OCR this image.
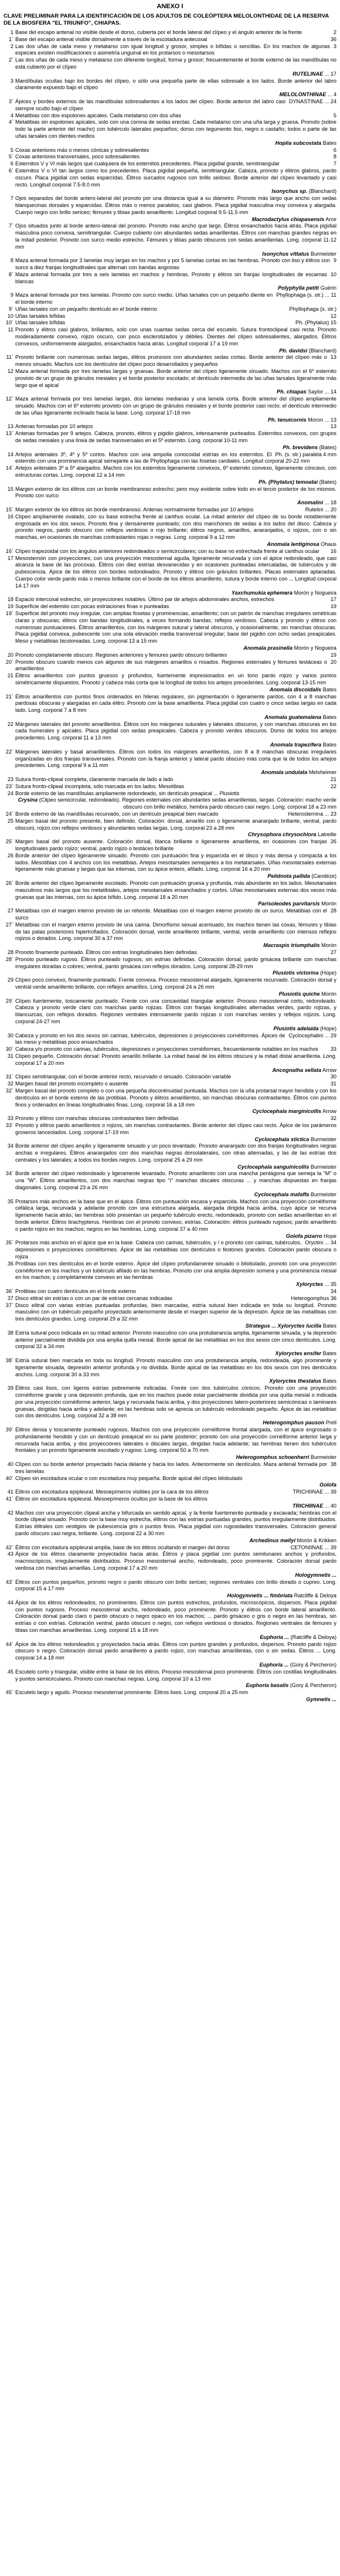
ANEXO I
CLAVE PRELIMINAR PARA LA IDENTIFICACIÓN DE LOS ADULTOS DE COLEÓPTERA MELOLONTHIDAE DE LA RESERVA DE LA BIOSFERA "EL TRIUNFO", CHIAPAS.
1	2
Base del escapo antenal no visible desde el dorso, cubierta por el borde lateral del clípeo y el ángulo anterior de la frente
1´	36
Base del escapo antenal visible dorsalmente a través de la escotadura antecoxal
2	3
Las dos uñas de cada meso y metatarso con igual longitud y grosor, simples o bífidas o sencillas. En los machos de algunas especies existen modificaciones o asimetría unguinal en los protarsos o mesotarsos
2´ Las dos uñas de cada meso y metatarso con diferente longitud, forma y grosor; frecuentemente el borde externo de las mandíbulas no está cubierto por el clípeo
RUTELINAE ... 17
3 Mandíbulas ocultas bajo los bordes del clípeo, o sólo una pequeña parte de ellas sobresale a los lados. Borde anterior del labro claramente expuesto bajo el clípeo
MELOLONTHINAE ... 4
3´	DYNASTINAE ... 24
Ápices y bordes externos de las mandíbulas sobresalientes a los lados del clípeo. Borde anterior del labro casi siempre oculto bajo el clípeo
4	5
Metatibias con dos espolones apicales. Cada metatarso con dos uñas
4´ Metatibias sin espolones apicales, solo con una corona de sedas erectas. Cada metatarso con una uña larga y gruesa. Pronoto (sobre todo la parte anterior del macho) con tubérculo laterales pequeños; dorso con tegumento liso, negro o castaño; todos o parte de las uñas tarsales con dientes medios
Hoplia subcostata Bates
5	6
Coxas anteriores más o menos cónicas y sobresalientes
5´	8
Coxas anteriores transversales, poco sobresalientes
6	7
Esternitos V y VI más largos que cualquiera de los esternitos precedentes. Placa pigidial grande, semitriangular
6´ Esternitos V o VI tan largos como los precedentes. Placa pigidial pequeña, semitriangular. Cabeza, pronoto y élitros glabros, pardo oscuro. Placa pigidial con sedas esparcidas. Élitros surcados rugosos con brillo sedoso. Borde anterior del clípeo levantado y casi recto. Longitud corporal 7.5-8.0 mm
Isonychus sp. (Blanchard)
7 Ojos separados del borde antero-lateral del pronoto por una distancia igual a su diámetro. Pronoto más largo que ancho con sedas blanquecinas dorsales y esparcidas. Élitros más o menos paralelos, casi glabros. Placa pigidial masculina muy convexa y alargada. Cuerpo negro con brillo sericeo; fémures y tibias pardo amarillento. Longitud corporal 9.5-11.5 mm
Macrodactylus chiapasensis Arce
7´ Ojos situados junto al borde antero-lateral del pronoto. Pronoto más ancho que largo. Élitros ensanchados hacia atrás. Placa pigidial masculina poco convexa, semitriangular. Cuerpo cubierto con abundantes sedas amarillentas. Élitros con manchas grandes negras en la mitad posterior. Pronoto con surco medio estrecho. Fémures y tibias pardo obscuros con sedas amarillentas. Long. corporal 11-12 mm
Isonychus vittatus Burmeister
8	9
Maza antenal formada por 3 lamelas muy largas en los machos y por 5 lamelas cortas en las hembras. Pronoto con liso y élitros con surco a diez franjas longitudinales que alternan con bandas angostas
8´	10
Maza antenal formada por tres a seis lamelas en machos y hembras. Pronoto y élitros sin franjas longitudinales de escamas blancas
Polyphylla petiti Guérin
9	Phyllophaga (s. str.) ... 11
Maza antenal formada por tres lamelas. Pronoto con surco medio. Uñas tarsales con un pequeño diente en el borde interno
9´	Phyllophaga (s. str.)
Uñas tarsales con un pequeño dentículo en el borde interno
10	12
Uñas tarsales bífidas
10´	Ph. (Phytalus) 15
Uñas tarsales bífidas
11 Pronoto y élitros casi glabros, brillantes, solo con unas cuantas sedas cerca del escutelo. Sutura frontoclipeal casi recta. Pronoto moderadamente convexo, rojizo oscuro, con poco esclerotizados y débiles. Dientes del clípeo sobresalientes, alargados. Élitros convexos, uniformemente alargados, ensanchados hacia atrás. Longitud corporal 17 a 19 mm
Ph. davidsi (Blanchard)
11´	13
Pronoto brillante con numerosas sedas largas, élitros pruinosos con abundantes sedas cortas. Borde anterior del clípeo más o menos sinuado. Machos con los dentículos del clípeo poco desarrollados y pequeños
12 Maza antenal formada por tres lamelas largas y gruesas. Borde anterior del clípeo ligeramente sinuado. Machos con el 6º esternito provisto de un grupo de gránulos mesiales y el borde posterior escotado; el dentículo intermedio de las uñas tarsales ligeramente más largo que el apical
Ph. chiapas Saylor ... 14
12´ Maza antenal formada por tres lamelas largas, dos lamelas medianas y una lamela corta. Borde anterior del clípeo ampliamente sinuado. Machos con el 6º esternito provisto con un grupo de gránulos mesiales y el borde posterior casi recto; el dentículo intermedio de las uñas ligeramente inclinado hacia la base. Long. corporal 17-18 mm
Ph. tenuicornis Moron ... 13
13	13
Antenas formadas por 10 artejos
13´ Antenas formadas por 9 artejos. Cabeza, pronoto, élitros y pigidio glabros, intensamente punteados. Esternitos convexos, con grupos de sedas mesiales y una línea de sedas transversales en el 5º esternito. Long. corporal 10-11 mm
Ph. brevidens (Bates)
14	Ph. (s. str.) paralela 4 mm
Artejos antenales 3º, 4º y 5º cortos. Machos con una ampolla conocoidal estrías en los esternitos. El esternito con una prominencia apical semejante a las de Phyllophaga con las fosetas cardiales. Longitud corporal 20-22 mm
14´ Artejos antenales 3º a 5º alargados. Machos con los esternitos ligeramente convexos, 6º esternito convexo, ligeramente cóncavo, con estructuras cortas. Long. corporal 12 a 14 mm
Ph. (Phytalus) temoatai (Bates)
15 Margen externo de los élitros con un borde membranoso estrecho; pero muy evidente sobre todo en el tercio posterior de los mismos. Pronoto con surco
Anomalini ... 18
15´	Rutelini ... 20
Margen exterior de los élitros sin borde membranoso. Antenas normalmente formadas por 10 artejos
16 Clípeo ampliamente ovalado, con su base estrecha frente al canthus ocular. La mitad anterior del clípeo de su borde notablemente engrosada en los dos sexos. Pronoto fina y densamente punteado; con dos manchones de sedas a los lados del disco. Cabeza y pronoto negros, pardo obscuro con reflejos verdosos o rojo brillante; élitros negros, amarillos, anaranjados, o rojizos, con o sin manchas, en ocasiones de manchas contrastantes rojas o negras. Long. corporal 9 a 12 mm
Anomala lentiginosa Ohaus
16´	16
Clípeo trapezoidal con los ángulos anteriores redondeados o semicirculares; con su base no estrechada frente al canthus ocular
17 Mesosternón con proyecciones; con una proyección mesosternal aguda, ligeramente recurvada y con el ápice redondeado, que casi alcanza la base de las procoxas. Élitros con diez estrías desvanecidas y en ocasiones punteadas intercaladas, de tubérculos y de pubescencia. Ápice de los élitros con bordes redondeados. Pronoto y élitros con gránulos brillantes. Placas esternales aplanadas. Cuerpo color verde pardo más o menos brillante con el borde de los élitros amarillento, sutura y borde interno con ... Longitud corporal 14-17 mm
Yaxchumukia ephemera Morón y Nogueira
18	17
Espacio intercoxal estrecho, sin proyecciones notables. Último par de artejos abdominales anchos, estrechos
19	19
Superficie del estemito con pocas estriaciones finas o punteadas
19´ Superficie del pronoto muy irregular, con amplias fosetas y prominencias, amarillento; con un patrón de manchas irregulares simétricas claras y obscuras; élitros con bandas longitudinales, a veces formando bandas; reflejos verdosos. Cabeza y pronoto y élitros con numerosas puntuaciones. Élitros amarillentos, con los márgenes sutural y lateral obscuros, y ocasionalmente, sin manchas obscuras. Placa pigidial convexa, pubescente con una sola elevación media transversal irregular; base del pigidio con ocho sedas preapicales. Meso y metatibias bicoloreadas. Long. corporal 13 a 15 mm
Anomala prasinella Morón y Nogueira
20	19
Pronoto completamente obscuro. Regiones anteriores y femures pardo obscuro brillantes
20´	20
Pronoto obscuro cuando menos con algunos de sus márgenes amarillos o rosados. Regiones esternales y fémures testáceas o amarillentos
21 Élitros amarillentos con puntos gruesos y profundos, fuertemente impresionados en un tono pardo rojizo y varios puntos simétricamente dispuestos. Pronoto y cabeza más corta que la longitud de todos los artejos precedentes. Long. corporal 13-15 mm
Anomala discoidalis Bates
21´ Élitros amarillentos con puntos finos ordenados en hileras regulares, sin pigmentación o ligeramente pardos, con 4 a 8 manchas pardosas obscuras y alargadas en cada élitro. Pronoto con la base amarillenta. Placa pigidial con cuatro o cinco sedas largas en cada lado. Long. corporal 7 a 8 mm
Anomala guatemalena Bates
22 Márgenes laterales del pronoto amarillentos. Élitros con los márgenes suturales y laterales obscuros, y con manchas obscuras en los cada humerales y apicales. Placa pigidial con sedas preapicales. Cabeza y pronoto verdes obscuros. Dorso de todos los artejos precedentes. Long. corporal 11 a 13 mm
Anomala trapezifera Bates
22´ Márgenes laterales y basal amarillentos. Élitros con todos los márgenes amarillentos, con 8 a 8 manchas obscuras irregulares organizadas en dos franjas transversales. Pronoto con la franja anterior y lateral pardo obscuro más corta que la de todos los artejos precedentes. Long. corporal 9 a 11 mm
Anomala undulata Melsheimer
23	21
Sutura fronto-clipeal completa, claramente marcada de lado a lado
23´	22
Sutura fronto-clipeal incompleta, sólo marcada en los lados. Mesotibias
24 Borde externo de las mandíbulas ampliamente redondeado, sin dentículo preapical ... Plusiotis
Crysina (Clipeo semicircular, redondeado). Regiones esternales con abundantes sedas amarillentas, largas. Coloración: macho verde obscuro con brillo metálico, hembra pardo obscuro casi negro. Long. corporal 18 a 23 mm
24´	Heterosternina ... 23
Borde externo de las mandíbulas recurvado, con un dentículo preapical bien marcado
25 Margen basal del pronoto presente, bien definido. Coloración: dorsal, amarillo con o ligeramente anaranjado brillante, ventral, pardo obscuro, rojizo con reflejos verdosos y abundantes sedas largas. Long. corporal 23 a 28 mm
Chrysophora chrysochlora Latreille
25´	26
Margen basal del pronoto ausente. Coloración dorsal, blanca brillante o ligeramente amarillenta, en ocasiones con franjas longitudinales pardo rojizo; ventral, pardo rojizo o testáceo brillante
26 Borde anterior del clípeo ligeramente sinuado. Pronoto con puntuación fina y esparcida en el disco y más densa y compacta a los lados. Mesotibias con 4 anchos con los metatibias. Artejos mesotarsales semejantes a los metatarsales. Uñas mesotarsales externas ligeramente más gruesas y largas que las internas, con su ápice entero, afilado. Long. corporal 16 a 20 mm
Pelidnota pallida (Candéze)
26´ Borde anterior del clípeo ligeramente escotado. Pronoto con puntuación gruesa y profunda, más abundante en los lados. Mesotarsales masculinos más largos que los metatibiales, artejos mesotarsales ensanchados y cortos. Uñas mesotarsales externas dos veces más gruesas que las internas, con su ápice bífido. Long. corporal 18 a 20 mm
Parisoleodes parvitarsis Morón
27	28
Metatibias con el margen interno provisto de un reborde. Metatibias con el margen interno provisto de un surco. Metatibias con el surco
27´ Metatibias con el margen interno provisto de una carina. Dimorfismo sexual acentuado, los machos tienen las coxas, fémures y tibias de las patas posteriores hipertrofiados. Coloración dorsal, verde amarillento brillante, ventral, verde amarillento con intensos reflejos rojizos o dorados. Long. corporal 30 a 37 mm
Macraspis triumphalis Morón
28	27
Pronoto finamente punteado. Élitros con estrías longitudinales bien definidas
28´ Pronoto punteado rugoso. Élitros punteado rugosos, sin estrías definidas. Coloración dorsal, pardo grisácea brillante con manchas irregulares doradas o cobres; ventral, pardo grisácea con reflejos dorados. Long. corporal 28-29 mm
Plusiotis victorina (Hope)
29 Clípeo poco convexo, finamente punteado. Frente convexa. Proceso mesosternal alargado, ligeramente recurvado. Coloración dorsal y ventral verde amarillento brillante, con reflejos amarillos. Long. corporal 24 a 26 mm
Plusiotis quiche Morón
29´ Clípeo fuertemente, toscamente punteado. Frente con una concavidad triangular anterior. Proceso mesosternal corto, redondeado. Cabeza y pronoto verde claro con manchas pardo rojizas. Élitros con franjas longitudinales alternadas verdes, pardo rojizas, y blancuzcas, con reflejos dorados. Regiones ventrales intensamente pardo rojizas o con manchas verdes y reflejos rojizos. Long. corporal 24-27 mm
Plusiotis adelaida (Hope)
30	Cyclocephalini ... 29
Cabeza y pronoto en los dos sexos sin carinas, tubérculos, depresiones o proyecciones cornéiformes. Ápices de las meso y metatibias poco ensanchados
30´	33
Cabeza y/o pronoto con carinas, tubérculos, depresiones o proyecciones cornéiformes, frecuentemente notables en los machos
31 Clípeo pequeño. Coloración dorsal: Pronoto amarillo brillante. La mitad basal de los élitros obscura y la mitad distal amarillenta. Long. corporal 17 a 20 mm
Ancognatha sellata Arrow
31´	30
Clípeo semitriangular, con el borde anterior recto, recurvado o sinuado. Coloración variable
32	31
Margen basal del pronoto incompleto o ausente
32´ Margen basal del pronoto completo o con una pequeña discontinuidad puntuada. Machos con la uña protarsal mayor hendida y con los dentículos en el borde externo de las protibias. Pronoto y élitros amarillentos, sin manchas obscuras contrastantes. Élitros con puntos finos y ordenados en líneas longitudinales finas. Long. corporal 16 a 18 mm
Cyclocephala marginicollis Arrow
33	32
Pronoto y élitros con manchas obscuras contrastantes bien definidas
33´ Pronoto y élitros pardo amarillentos o rojizos, sin manchas contrastantes. Borde anterior del clípeo casi recto. Ápice de los parámeros groseros lanceolados. Long. corporal 17-19 mm
Cyclocephala stictica Burmeister
34 Borde anterior del clípeo amplio y ligeramente sinuado y un poco levantado. Pronoto anaranjado con dos franjas longitudinales negras anchas e irregulares. Élitros anaranjados con dos manchas negras dorsolaterales, con otras alternadas, y las de las estrías dos centrales y los laterales; a todos los bordes negros. Long. corporal 25 a 29 mm
Cyclocephala sanguinicollis Burmeister
34´ Borde anterior del clípeo redondeado y ligeramente levantado. Pronoto amarillento con una mancha pentágona que semeja la "M" o una "W". Élitros amarillentos, con dos manchas negras tipo "i" manchas discales obscuras ... y manchas dispuestas en franjas diagonales. Long. corporal 23 a 26 mm
Cyclocephala mafaffa Burmeister
35 Protarsos más anchos en la base que en el ápice. Élitros con puntuación escasa y esparcida. Machos con una proyección cornéiforme cefálica larga, recurvada y adelante pronoto con una estructura alargada, alargada dirigida hacia arriba, cuyo ápice se recurva ligeramente hacia atrás; las hembras sólo presentan un pequeño tubérculo erecto, redondeado, pronoto con sedas amarillentas en el borde anterior. Élitros brachypterus. Hembras con el pronoto convexo, estrías. Coloración: élitros punteado rugosos; pardo amarillento o pardo rojizo en los machos; negros en las hembras. Long. corporal 37 a 40 mm
Golofa pizarro Hope
35´	Oryctini ... 34
Protarsos más anchos en el ápice que en la base. Cabeza con carinas, tubérculos, y / o pronoto con carinas, tubérculos, depresiones o proyecciones cornéiformes. Ápice de las metatibias con dentículos o festones grandes. Coloración pardo obscura o rojiza
36 Protibias con tres dentículos en el borde externo. Ápice del clípeo profundamente sinuado o bilobulado, pronoto con una proyección cornéiforme en los machos y un tubérculo afilado en las hembras. Pronoto con una amplia depresión somera y una prominencia mesial en los machos; y completamente convexo en las hembras
Xyloryctes ... 35
36´	34
Protibias con cuatro dentículos en el borde externo
37	Heterogomphus 36
Disco elitral sin estrías o con un par de estrías cercanas indicadas
37´ Disco elitral con varias estrías puntuadas profundas, bien marcadas, estría sutural bien indicada en toda su longitud. Pronoto masculino con un tubérculo pequeño proyectado anteriormente desde el margen superior de la depresión. Ápice de las metatibias con tres dentículos grandes. Long. corporal 29 a 32 mm
Strategus ... Xyloryctes lucilla Bates
38 Estría sutural poco indicada en su mitad anterior. Pronoto masculino con una protuberancia amplia, ligeramente sinuada, y la depresión anterior parcialmente dividida por una amplia quilla mesial. Borde apical de las metatibias en los dos sexos con cinco dentículos. Long. corporal 32 a 34 mm
Xyloryctes ensifer Bates
38´ Estría sutural bien marcada en toda su longitud. Pronoto masculino con una protuberancia amplia, redondeada, algo prominente y ligeramente sinuada, depresión anterior profunda y no dividida. Borde apical de las metatibias en los dos sexos con tres dentículos anchos. Long. corporal 30 a 33 mm
Xyloryctes thestalus Bates
39 Élitros casi lisos, con ligeros estrías pobremente indicadas. Frente con dos tubérculos cónicos. Pronoto con una proyección cornéiforme grande y una depresión profunda, que en los machos puede estar parcialmente dividida por una quilla mesial o indicada por una proyección cornéiforme anterior, larga y recurvada hacia arriba, y dos proyecciones latero-posteriores semicónicas o laminares gruesas, dirigidas hacia arriba y adelante; en las hembras solo se aprecia un tubérculo redondeado pequeño. Ápice de las metatibias con dos dentículos. Long. corporal 32 a 38 mm
Heterogomphus pauson Prell
39´ Élitros densa y toscamente punteado rugosos. Machos con una proyección cornéiforme frontal alargada, con el ápice engrosado o profundamente hendido y con un dentículo preapical en su parte posterior; pronoto con una proyección cornéiforme anterior larga y recurvada hacia arriba, y dos proyecciones laterales o discales largas, dirigidas hacia adelante; las hembras tienen dos tubérculos frontales y un pronoto ligeramente escotado y rugoso. Long. corporal 50 a 70 mm
Heterogomphus schoenherri Burmeister
40	38
Clípeo con su borde anterior proyectado hacia delante y hacia los lados. Anteriormente sin dentículos. Maza antenal formada por tres lamelas
40´ Clípeo sin escotadura ocular o con escotadura muy pequeña. Borde apical del clípeo bilobulado
Golofa
41	TRICHIINAE ... 39
Élitros con escotadura epipleural. Mesoepímeros visibles por la cara de los élitros
41´ Élitros sin escotadura epipleural. Mesoepímeros ocultos por la base de los élitros
TRICHIINAE ... 40
42 Machos con una proyección clipeal ancha y bifurcada en sentido apical, y la frente fuertemente punteada y excavada; hembras con el borde clipeal sinuado. Pronoto con la base muy estrecha, élitros con las estrías puntuadas grandes, puntos irregularmente distribuidos. Estrías élitrales con vestigios de pubescencia gris o puntos finos. Placa pigidial con rugosidades transversales. Coloración general pardo obscuro casi negra, brillante. Long. corporal 22 a 30 mm
Archedinus mellyi Morón & Krikken
42´	CETONIINAE ... 39
Élitros con escotadura epipleural amplia, base de los élitros ocultando el margen del dorso
43 Ápice de los élitros claramente proyectados hacia atrás. Élitros y placa pigidial con puntos semilunares anchos y profundos, macroscópicos, irregularmente distribuidos. Proceso mesosternal ancho, redondeado, poco prominente. Coloración dorsal pardo verdosa con manchas amarillas. Long. corporal 17 a 20 mm
Hologymnetis ...
43´ Élitros con puntos pequeños; pronoto negro o pardo obscuro con brillo sericeo; regiones ventrales con brillo dorado o cupreo. Long. corporal 15 a 17 mm
Hologymnetis ... fimbriata Ratcliffe & Deloya
44 Ápice de los élitros redondeados, no prominentes. Élitros con puntos estrechos, profundos, microscópicos, dispersos. Placa pigidial con puntos rugosos. Proceso mesosternal ancho, redondeado, poco prominente. Pronoto y élitros con borde lateral amarillento. Coloración dorsal pardo claro o pardo obscuro o negro opaco en los machos; ... pardo grisáceo o gris o negro en las hembras, sin estrías o con estrías. Coloración ventral, pardo obscuro o negro, con reflejos verdosos o dorados. Regiones ventrales de fémures y tibias con manchas amarillentas. Long. corporal 15 a 18 mm
Euphoria ... (Ratcliffe & Deloya)
44´ Ápice de los élitros redondeados y proyectados hacia atrás. Élitros con puntos grandes y profundos, dispersos. Pronoto pardo rojizo obscuro o negro. Coloración dorsal pardo amarillento a pardo rojizo, con manchas amarillentas, con o sin sedas. Élitros ... Long. corporal 14 a 18 mm
Euphoria ... (Gory & Percheron)
45 Escutelo corto y triangular, visible entre la base de los élitros. Proceso mesosternal poco prominente. Élitros con costillas longitudinales y puntos semicirculares. Pronoto con manchas negras. Long. corporal 10 a 13 mm
Euphoria basalis (Gory & Percheron)
45´ Escutelo largo y agudo. Proceso mesosternal prominente. Élitros lisos. Long. corporal 20 a 25 mm
Gymnetis ...
